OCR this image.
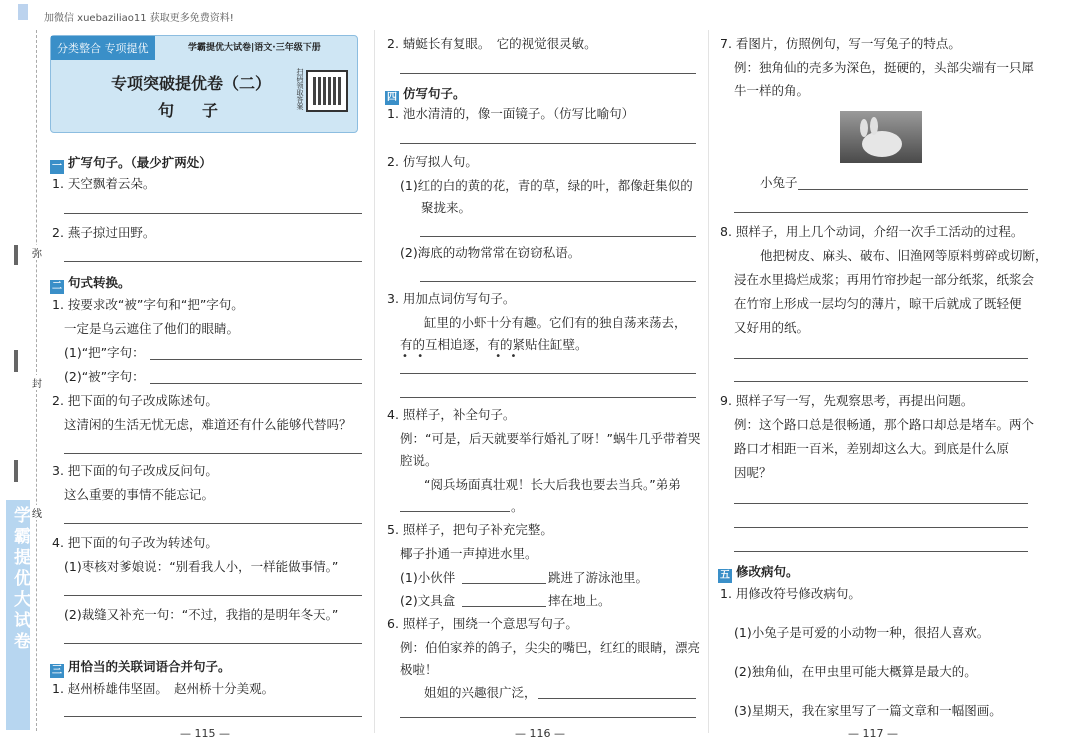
加微信 xuebaziliao11 获取更多免费资料!
弥
封
线
学霸提优大试卷
分类整合 专项提优	学霸提优大试卷|语文·三年级下册
专项突破提优卷（二）
句　子
扫码领取答案
一 扩写句子。（最少扩两处）
1. 天空飘着云朵。
2. 燕子掠过田野。
二 句式转换。
1. 按要求改“被”字句和“把”字句。
一定是乌云遮住了他们的眼睛。
(1)“把”字句：
(2)“被”字句：
2. 把下面的句子改成陈述句。
这清闲的生活无忧无虑，难道还有什么能够代替吗？
3. 把下面的句子改成反问句。
这么重要的事情不能忘记。
4. 把下面的句子改为转述句。
(1)枣核对爹娘说：“别看我人小，一样能做事情。”
(2)裁缝又补充一句：“不过，我指的是明年冬天。”
三 用恰当的关联词语合并句子。
1. 赵州桥雄伟坚固。　赵州桥十分美观。
— 115 —
2. 蜻蜓长有复眼。　它的视觉很灵敏。
四 仿写句子。
1. 池水清清的，像一面镜子。（仿写比喻句）
2. 仿写拟人句。
(1)红的白的黄的花，青的草，绿的叶，都像赶集似的
聚拢来。
(2)海底的动物常常在窃窃私语。
3. 用加点词仿写句子。
缸里的小虾十分有趣。它们有的独自荡来荡去，
有的互相追逐，有的紧贴住缸壁。
•  •                 •  •
4. 照样子，补全句子。
例：“可是，后天就要举行婚礼了呀！”蜗牛几乎带着哭
腔说。
“阅兵场面真壮观！长大后我也要去当兵。”弟弟
。
5. 照样子，把句子补充完整。
椰子扑通一声掉进水里。
(1)小伙伴	跳进了游泳池里。
(2)文具盒	摔在地上。
6. 照样子，围绕一个意思写句子。
例：伯伯家养的鸽子，尖尖的嘴巴，红红的眼睛，漂亮
极啦！
姐姐的兴趣很广泛，
— 116 —
7. 看图片，仿照例句，写一写兔子的特点。
例：独角仙的壳多为深色，挺硬的，头部尖端有一只犀
牛一样的角。
小兔子
8. 照样子，用上几个动词，介绍一次手工活动的过程。
他把树皮、麻头、破布、旧渔网等原料剪碎或切断，
浸在水里捣烂成浆；再用竹帘抄起一部分纸浆，纸浆会
在竹帘上形成一层均匀的薄片，晾干后就成了既轻便
又好用的纸。
9. 照样子写一写，先观察思考，再提出问题。
例：这个路口总是很畅通，那个路口却总是堵车。两个
路口才相距一百米，差别却这么大。到底是什么原
因呢？
五 修改病句。
1. 用修改符号修改病句。
(1)小兔子是可爱的小动物一种，很招人喜欢。
(2)独角仙，在甲虫里可能大概算是最大的。
(3)星期天，我在家里写了一篇文章和一幅图画。
— 117 —
